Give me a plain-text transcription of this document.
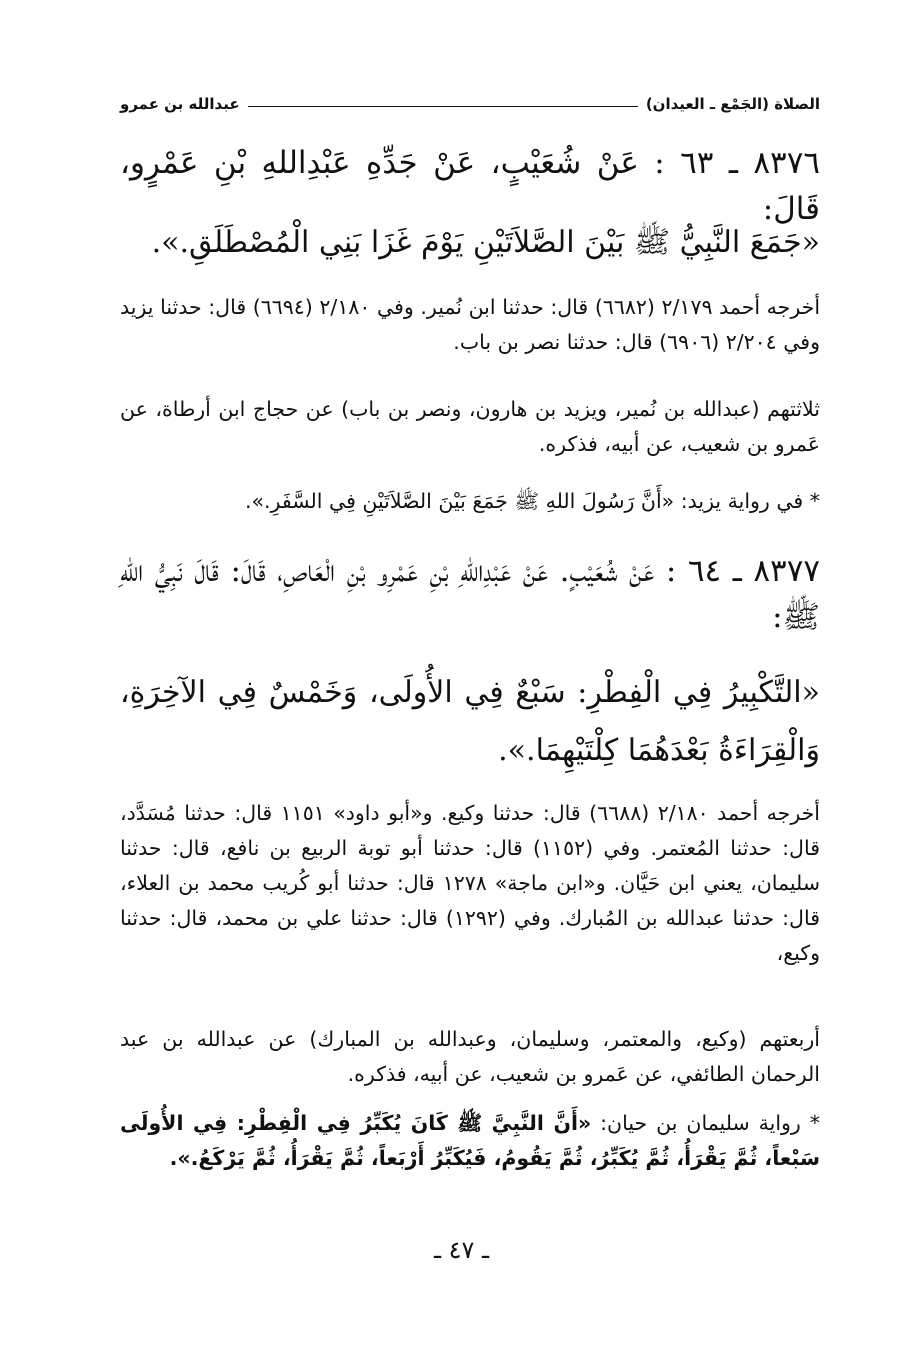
الصلاة (الجَمْع ـ العيدان)
عبدالله بن عمرو
٨٣٧٦ ـ ٦٣ : عَنْ شُعَيْبٍ، عَنْ جَدِّهِ عَبْدِاللهِ بْنِ عَمْرٍو، قَالَ:
«جَمَعَ النَّبِيُّ ﷺ بَيْنَ الصَّلاَتَيْنِ يَوْمَ غَزَا بَنِي الْمُصْطَلَقِ.».
أخرجه أحمد ٢/١٧٩ (٦٦٨٢) قال: حدثنا ابن نُمير. وفي ٢/١٨٠ (٦٦٩٤) قال: حدثنا يزيد وفي ٢/٢٠٤ (٦٩٠٦) قال: حدثنا نصر بن باب.
ثلاثتهم (عبدالله بن نُمير، ويزيد بن هارون، ونصر بن باب) عن حجاج ابن أرطاة، عن عَمرو بن شعيب، عن أبيه، فذكره.
* في رواية يزيد: «أَنَّ رَسُولَ اللهِ ﷺ جَمَعَ بَيْنَ الصَّلاَتَيْنِ فِي السَّفَرِ.».
٨٣٧٧ ـ ٦٤ : عَنْ شُعَيْبٍ. عَنْ عَبْدِاللهِ بْنِ عَمْرِو بْنِ الْعَاصِ، قَالَ: قَالَ نَبِيُّ اللهِ ﷺ:
«التَّكْبِيرُ فِي الْفِطْرِ: سَبْعٌ فِي الأُولَى، وَخَمْسٌ فِي الآخِرَةِ، وَالْقِرَاءَةُ بَعْدَهُمَا كِلْتَيْهِمَا.».
أخرجه أحمد ٢/١٨٠ (٦٦٨٨) قال: حدثنا وكيع. و«أبو داود» ١١٥١ قال: حدثنا مُسَدَّد، قال: حدثنا المُعتمر. وفي (١١٥٢) قال: حدثنا أبو توبة الربيع بن نافع، قال: حدثنا سليمان، يعني ابن حَيَّان. و«ابن ماجة» ١٢٧٨ قال: حدثنا أبو كُريب محمد بن العلاء، قال: حدثنا عبدالله بن المُبارك. وفي (١٢٩٢) قال: حدثنا علي بن محمد، قال: حدثنا وكيع،
أربعتهم (وكيع، والمعتمر، وسليمان، وعبدالله بن المبارك) عن عبدالله بن عبد الرحمان الطائفي، عن عَمرو بن شعيب، عن أبيه، فذكره.
* رواية سليمان بن حيان: «أَنَّ النَّبِيَّ ﷺ كَانَ يُكَبِّرُ فِي الْفِطْرِ: فِي الأُولَى سَبْعاً، ثُمَّ يَقْرَأُ، ثُمَّ يُكَبِّرُ، ثُمَّ يَقُومُ، فَيُكَبِّرُ أَرْبَعاً، ثُمَّ يَقْرَأُ، ثُمَّ يَرْكَعُ.».
ـ ٤٧ ـ
